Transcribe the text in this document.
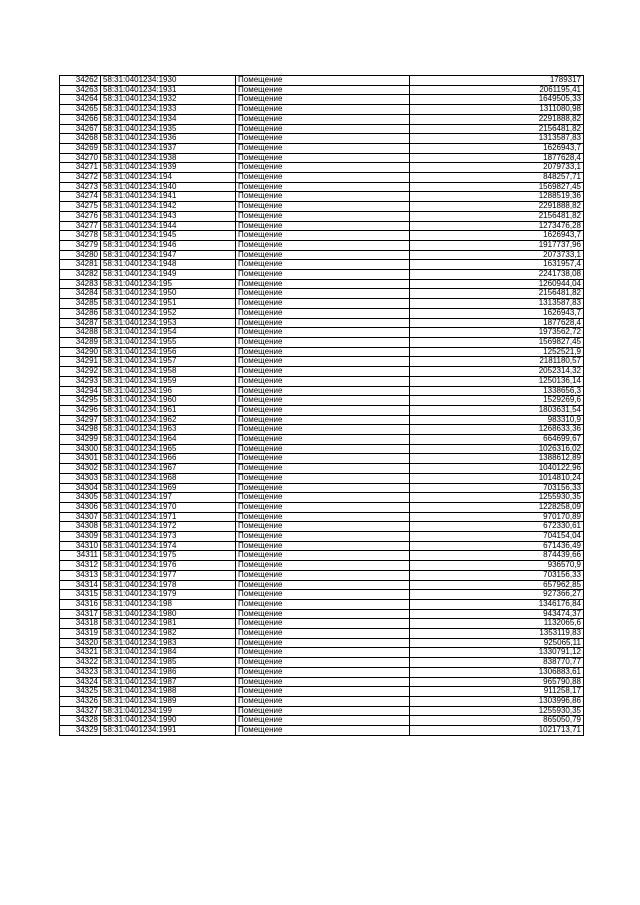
34262	58:31:0401234:1930	Помещение	1789317
34263	58:31:0401234:1931	Помещение	2061195,41
34264	58:31:0401234:1932	Помещение	1649505,33
34265	58:31:0401234:1933	Помещение	1311080,98
34266	58:31:0401234:1934	Помещение	2291888,82
34267	58:31:0401234:1935	Помещение	2156481,82
34268	58:31:0401234:1936	Помещение	1313587,83
34269	58:31:0401234:1937	Помещение	1626943,7
34270	58:31:0401234:1938	Помещение	1877628,4
34271	58:31:0401234:1939	Помещение	2079733,1
34272	58:31:0401234:194	Помещение	848257,71
34273	58:31:0401234:1940	Помещение	1569827,45
34274	58:31:0401234:1941	Помещение	1288519,36
34275	58:31:0401234:1942	Помещение	2291888,82
34276	58:31:0401234:1943	Помещение	2156481,82
34277	58:31:0401234:1944	Помещение	1273476,28
34278	58:31:0401234:1945	Помещение	1626943,7
34279	58:31:0401234:1946	Помещение	1917737,96
34280	58:31:0401234:1947	Помещение	2073733,1
34281	58:31:0401234:1948	Помещение	1631957,4
34282	58:31:0401234:1949	Помещение	2241738,08
34283	58:31:0401234:195	Помещение	1260944,04
34284	58:31:0401234:1950	Помещение	2156481,82
34285	58:31:0401234:1951	Помещение	1313587,83
34286	58:31:0401234:1952	Помещение	1626943,7
34287	58:31:0401234:1953	Помещение	1877628,4
34288	58:31:0401234:1954	Помещение	1973562,72
34289	58:31:0401234:1955	Помещение	1569827,45
34290	58:31:0401234:1956	Помещение	1252521,9
34291	58:31:0401234:1957	Помещение	2181180,57
34292	58:31:0401234:1958	Помещение	2052314,32
34293	58:31:0401234:1959	Помещение	1250136,14
34294	58:31:0401234:196	Помещение	1338656,3
34295	58:31:0401234:1960	Помещение	1529269,6
34296	58:31:0401234:1961	Помещение	1803631,54
34297	58:31:0401234:1962	Помещение	983310,9
34298	58:31:0401234:1963	Помещение	1268633,36
34299	58:31:0401234:1964	Помещение	664699,67
34300	58:31:0401234:1965	Помещение	1026316,02
34301	58:31:0401234:1966	Помещение	1388612,89
34302	58:31:0401234:1967	Помещение	1040122,96
34303	58:31:0401234:1968	Помещение	1014810,24
34304	58:31:0401234:1969	Помещение	703156,33
34305	58:31:0401234:197	Помещение	1255930,35
34306	58:31:0401234:1970	Помещение	1228258,09
34307	58:31:0401234:1971	Помещение	970170,89
34308	58:31:0401234:1972	Помещение	672330,61
34309	58:31:0401234:1973	Помещение	704154,04
34310	58:31:0401234:1974	Помещение	671436,49
34311	58:31:0401234:1975	Помещение	874439,66
34312	58:31:0401234:1976	Помещение	936570,9
34313	58:31:0401234:1977	Помещение	703156,33
34314	58:31:0401234:1978	Помещение	657962,85
34315	58:31:0401234:1979	Помещение	927366,27
34316	58:31:0401234:198	Помещение	1346176,84
34317	58:31:0401234:1980	Помещение	943474,37
34318	58:31:0401234:1981	Помещение	1132065,6
34319	58:31:0401234:1982	Помещение	1353119,83
34320	58:31:0401234:1983	Помещение	925065,11
34321	58:31:0401234:1984	Помещение	1330791,12
34322	58:31:0401234:1985	Помещение	838770,77
34323	58:31:0401234:1986	Помещение	1306883,61
34324	58:31:0401234:1987	Помещение	965790,88
34325	58:31:0401234:1988	Помещение	911258,17
34326	58:31:0401234:1989	Помещение	1303996,86
34327	58:31:0401234:199	Помещение	1255930,35
34328	58:31:0401234:1990	Помещение	865050,79
34329	58:31:0401234:1991	Помещение	1021713,71
